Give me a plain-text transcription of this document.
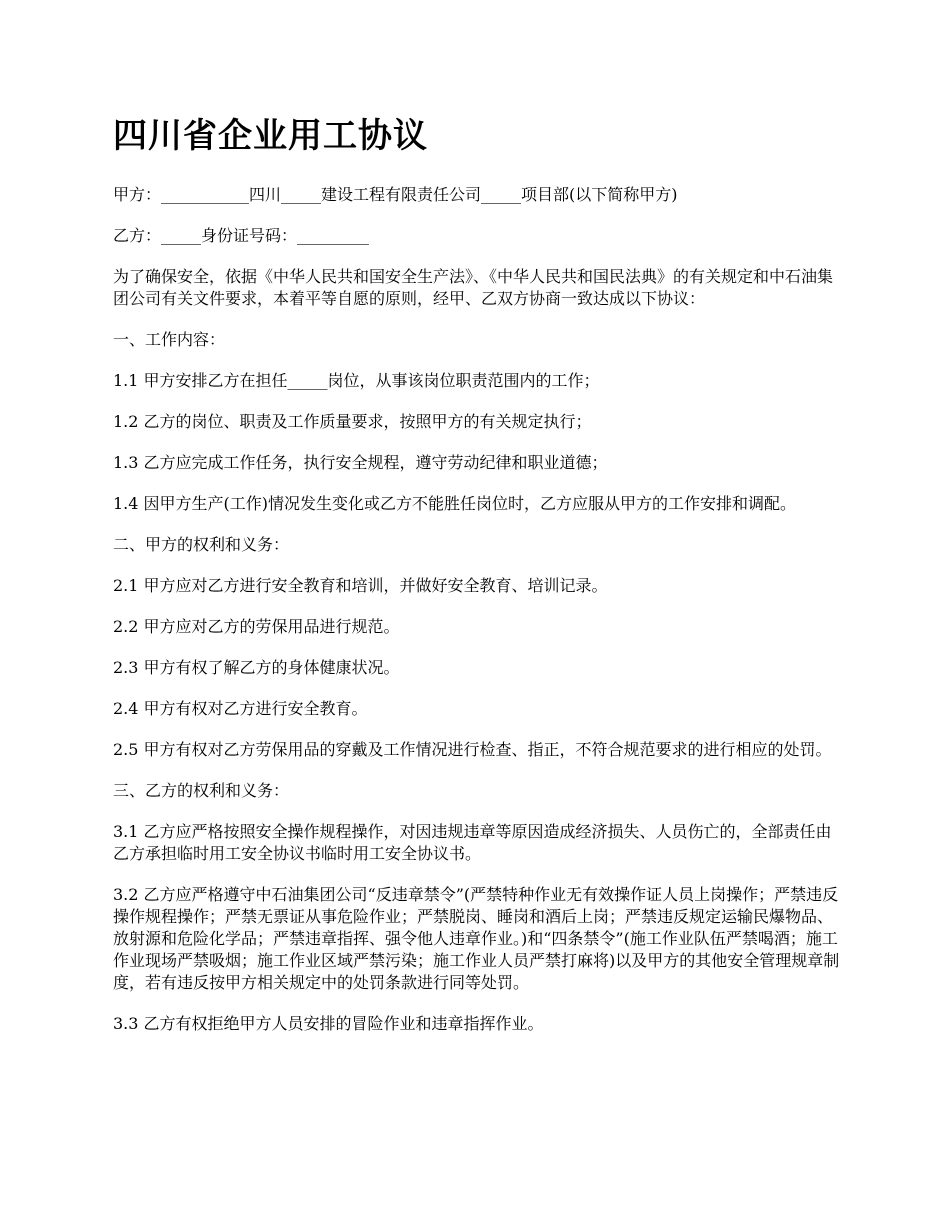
四川省企业用工协议

甲方：___________四川_____建设工程有限责任公司_____项目部(以下简称甲方)

乙方：_____身份证号码：_________

为了确保安全，依据《中华人民共和国安全生产法》、《中华人民共和国民法典》的有关规定和中石油集团公司有关文件要求，本着平等自愿的原则，经甲、乙双方协商一致达成以下协议：

一、工作内容：

1.1 甲方安排乙方在担任_____岗位，从事该岗位职责范围内的工作；

1.2 乙方的岗位、职责及工作质量要求，按照甲方的有关规定执行；

1.3 乙方应完成工作任务，执行安全规程，遵守劳动纪律和职业道德；

1.4 因甲方生产(工作)情况发生变化或乙方不能胜任岗位时，乙方应服从甲方的工作安排和调配。

二、甲方的权利和义务：

2.1 甲方应对乙方进行安全教育和培训，并做好安全教育、培训记录。

2.2 甲方应对乙方的劳保用品进行规范。

2.3 甲方有权了解乙方的身体健康状况。

2.4 甲方有权对乙方进行安全教育。

2.5 甲方有权对乙方劳保用品的穿戴及工作情况进行检查、指正，不符合规范要求的进行相应的处罚。

三、乙方的权利和义务：

3.1 乙方应严格按照安全操作规程操作，对因违规违章等原因造成经济损失、人员伤亡的，全部责任由乙方承担临时用工安全协议书临时用工安全协议书。

3.2 乙方应严格遵守中石油集团公司“反违章禁令”(严禁特种作业无有效操作证人员上岗操作；严禁违反操作规程操作；严禁无票证从事危险作业；严禁脱岗、睡岗和酒后上岗；严禁违反规定运输民爆物品、放射源和危险化学品；严禁违章指挥、强令他人违章作业。)和“四条禁令”(施工作业队伍严禁喝酒；施工作业现场严禁吸烟；施工作业区域严禁污染；施工作业人员严禁打麻将)以及甲方的其他安全管理规章制度，若有违反按甲方相关规定中的处罚条款进行同等处罚。

3.3 乙方有权拒绝甲方人员安排的冒险作业和违章指挥作业。
